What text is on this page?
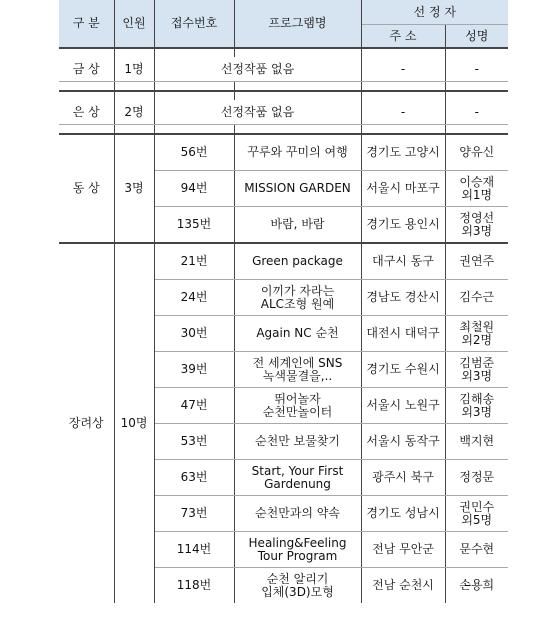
구 분	인원	접수번호	프로그램명	선 정 자	
				주 소	성명

금 상	1명	선정작품 없음		-	-

은 상	2명	선정작품 없음		-	-

동 상	3명	56번	꾸루와 꾸미의 여행	경기도 고양시	양유신
		94번	MISSION GARDEN	서울시 마포구	이승재
외1명
		135번	바람, 바람	경기도 용인시	정영선
외3명
장려상	10명	21번	Green package	대구시 동구	권연주
		24번	이끼가 자라는
ALC조형 원예	경남도 경산시	김수근
		30번	Again NC 순천	대전시 대덕구	최철원
외2명
		39번	전 세계인에 SNS
녹색물결을,..	경기도 수원시	김범준
외3명
		47번	뛰어놀자
순천만놀이터	서울시 노원구	김해송
외3명
		53번	순천만 보물찾기	서울시 동작구	백지현
		63번	Start, Your First
Gardenung	광주시 북구	정정문
		73번	순천만과의 약속	경기도 성남시	권민수
외5명
		114번	Healing&Feeling
Tour Program	전남 무안군	문수현
		118번	순천 알리기
입체(3D)모형	전남 순천시	손용희
